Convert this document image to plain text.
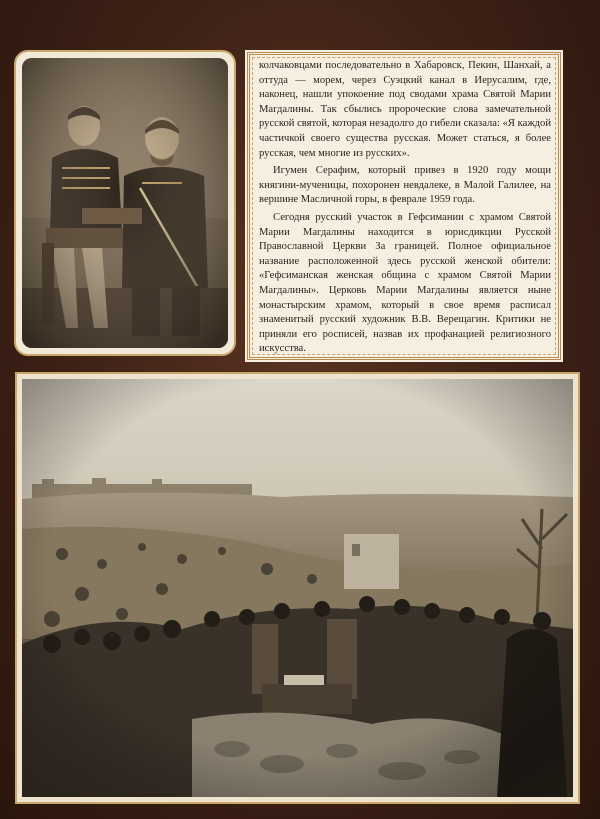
колчаковцами последовательно в Хабаровск, Пекин, Шанхай, а оттуда — морем, через Суэцкий канал в Иерусалим, где, наконец, нашли упокоение под сводами храма Святой Марии Магдалины. Так сбылись пророческие слова замечательной русской святой, которая незадолго до гибели сказала: «Я каждой частичкой своего существа русская. Может статься, я более русская, чем многие из русских».

Игумен Серафим, который привез в 1920 году мощи княгини-мученицы, похоронен невдалеке, в Малой Галилее, на вершине Масличной горы, в феврале 1959 года.

Сегодня русский участок в Гефсимании с храмом Святой Марии Магдалины находится в юрисдикции Русской Православной Церкви За границей. Полное официальное название расположенной здесь русской женской обители: «Гефсиманская женская община с храмом Святой Марии Магдалины». Церковь Марии Магдалины является ныне монастырским храмом, который в свое время расписал знаменитый русский художник В.В. Верещагин. Критики не приняли его росписей, назвав их профанацией религиозного искусства.
